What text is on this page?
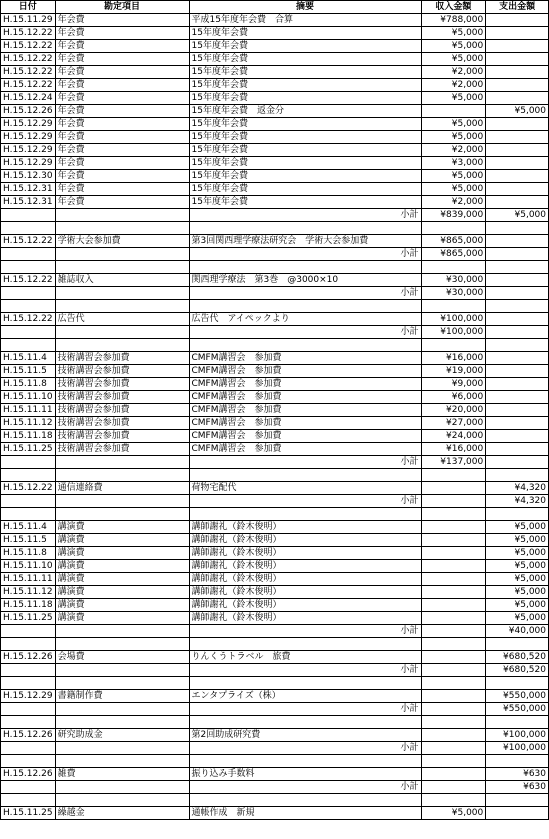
日付	勘定項目	摘要	収入金額	支出金額
H.15.11.29	年会費	平成15年度年会費　合算	¥788,000	
H.15.12.22	年会費	15年度年会費	¥5,000	
H.15.12.22	年会費	15年度年会費	¥5,000	
H.15.12.22	年会費	15年度年会費	¥5,000	
H.15.12.22	年会費	15年度年会費	¥2,000	
H.15.12.22	年会費	15年度年会費	¥2,000	
H.15.12.24	年会費	15年度年会費	¥5,000	
H.15.12.26	年会費	15年度年会費　返金分		¥5,000
H.15.12.29	年会費	15年度年会費	¥5,000	
H.15.12.29	年会費	15年度年会費	¥5,000	
H.15.12.29	年会費	15年度年会費	¥2,000	
H.15.12.29	年会費	15年度年会費	¥3,000	
H.15.12.30	年会費	15年度年会費	¥5,000	
H.15.12.31	年会費	15年度年会費	¥5,000	
H.15.12.31	年会費	15年度年会費	¥2,000	
		小計	¥839,000	¥5,000

H.15.12.22	学術大会参加費	第3回関西理学療法研究会　学術大会参加費	¥865,000	
		小計	¥865,000	

H.15.12.22	雑誌収入	関西理学療法　第3巻　@3000×10	¥30,000	
		小計	¥30,000	

H.15.12.22	広告代	広告代　アイペックより	¥100,000	
		小計	¥100,000	

H.15.11.4	技術講習会参加費	CMFM講習会　参加費	¥16,000	
H.15.11.5	技術講習会参加費	CMFM講習会　参加費	¥19,000	
H.15.11.8	技術講習会参加費	CMFM講習会　参加費	¥9,000	
H.15.11.10	技術講習会参加費	CMFM講習会　参加費	¥6,000	
H.15.11.11	技術講習会参加費	CMFM講習会　参加費	¥20,000	
H.15.11.12	技術講習会参加費	CMFM講習会　参加費	¥27,000	
H.15.11.18	技術講習会参加費	CMFM講習会　参加費	¥24,000	
H.15.11.25	技術講習会参加費	CMFM講習会　参加費	¥16,000	
		小計	¥137,000	

H.15.12.22	通信連絡費	荷物宅配代		¥4,320
		小計		¥4,320

H.15.11.4	講演費	講師謝礼（鈴木俊明）		¥5,000
H.15.11.5	講演費	講師謝礼（鈴木俊明）		¥5,000
H.15.11.8	講演費	講師謝礼（鈴木俊明）		¥5,000
H.15.11.10	講演費	講師謝礼（鈴木俊明）		¥5,000
H.15.11.11	講演費	講師謝礼（鈴木俊明）		¥5,000
H.15.11.12	講演費	講師謝礼（鈴木俊明）		¥5,000
H.15.11.18	講演費	講師謝礼（鈴木俊明）		¥5,000
H.15.11.25	講演費	講師謝礼（鈴木俊明）		¥5,000
		小計		¥40,000

H.15.12.26	会場費	りんくうトラベル　旅費		¥680,520
		小計		¥680,520

H.15.12.29	書籍制作費	エンタプライズ（株）		¥550,000
		小計		¥550,000

H.15.12.26	研究助成金	第2回助成研究費		¥100,000
		小計		¥100,000

H.15.12.26	雑費	振り込み手数料		¥630
		小計		¥630

H.15.11.25	繰越金	通帳作成　新規	¥5,000	
